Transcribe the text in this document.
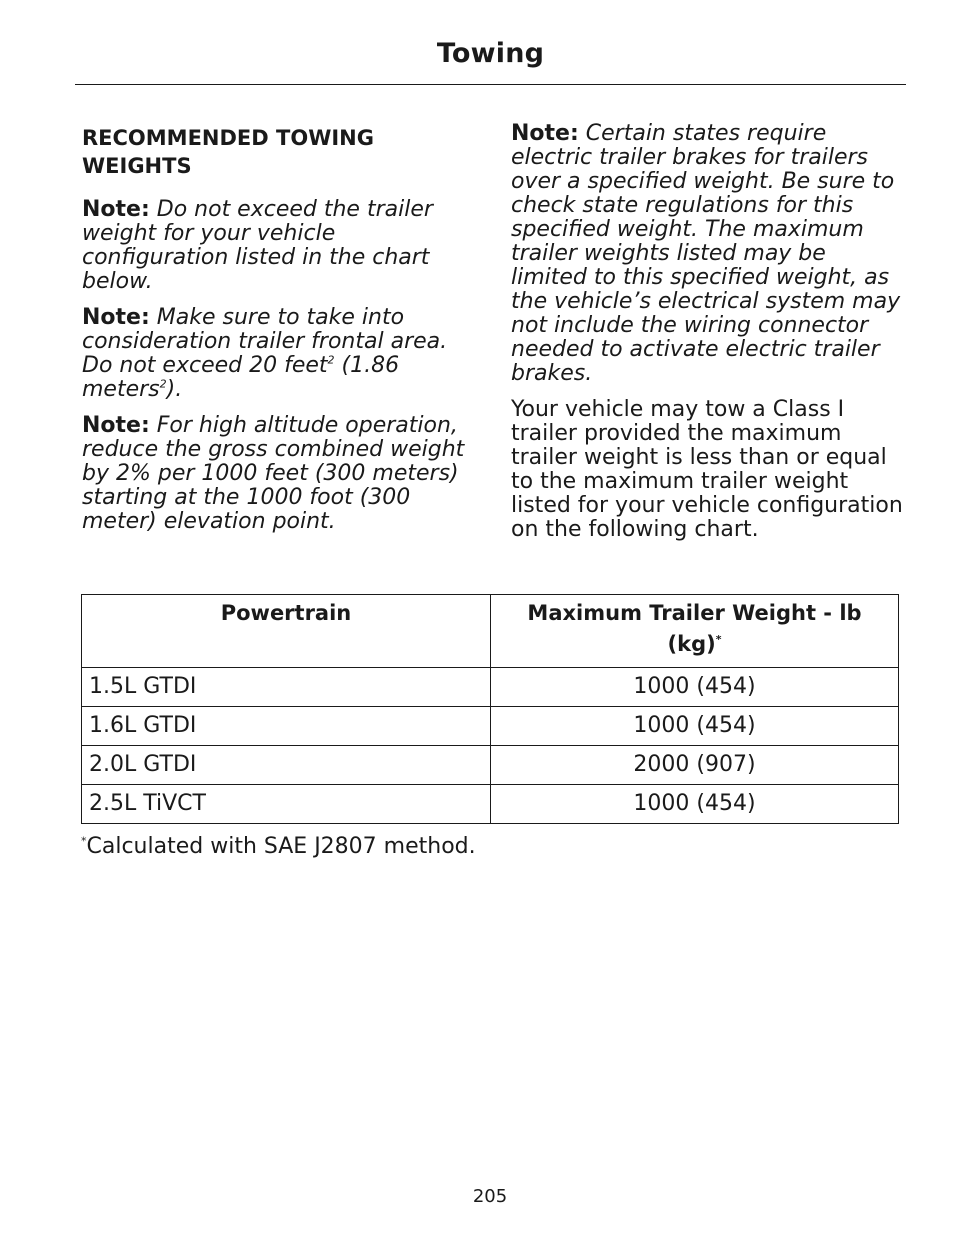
Towing
RECOMMENDED TOWING WEIGHTS

Note: Do not exceed the trailer weight for your vehicle configuration listed in the chart below.

Note: Make sure to take into consideration trailer frontal area. Do not exceed 20 feet$^2$ (1.86 meters$^2$).

Note: For high altitude operation, reduce the gross combined weight by 2% per 1000 feet (300 meters) starting at the 1000 foot (300 meter) elevation point.

Note: Certain states require electric trailer brakes for trailers over a specified weight. Be sure to check state regulations for this specified weight. The maximum trailer weights listed may be limited to this specified weight, as the vehicle’s electrical system may not include the wiring connector needed to activate electric trailer brakes.

Your vehicle may tow a Class I trailer provided the maximum trailer weight is less than or equal to the maximum trailer weight listed for your vehicle configuration on the following chart.

Powertrain	Maximum Trailer Weight - lb
(kg)*
1.5L GTDI	1000 (454)
1.6L GTDI	1000 (454)
2.0L GTDI	2000 (907)
2.5L TiVCT	1000 (454)
*Calculated with SAE J2807 method.
205
